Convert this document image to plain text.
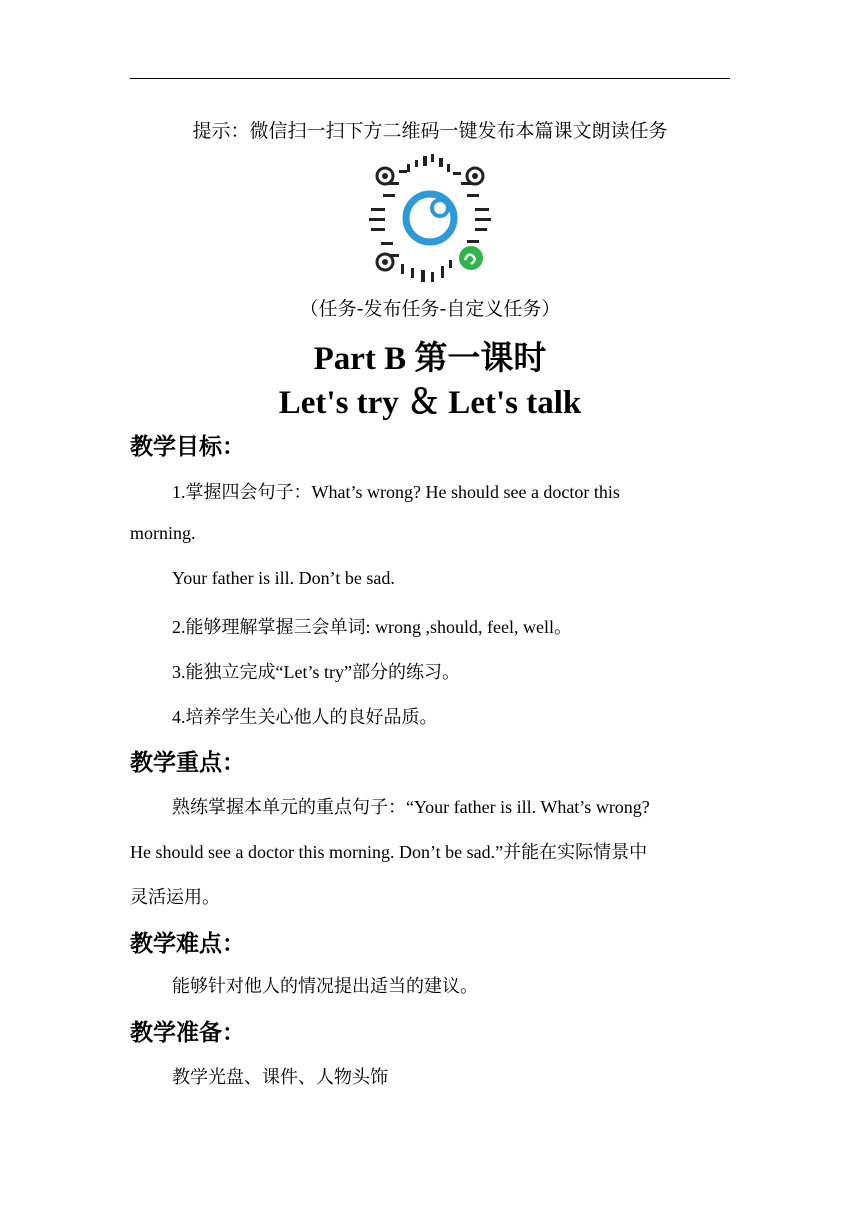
提示：微信扫一扫下方二维码一键发布本篇课文朗读任务
（任务-发布任务-自定义任务）
Part B 第一课时
Let's try ＆ Let's talk
教学目标：
1.掌握四会句子：What’s wrong? He should see a doctor this
morning.
Your father is ill. Don’t be sad.
2.能够理解掌握三会单词: wrong ,should, feel, well。
3.能独立完成“Let’s try”部分的练习。
4.培养学生关心他人的良好品质。
教学重点：
熟练掌握本单元的重点句子：“Your father is ill. What’s wrong?
He should see a doctor this morning. Don’t be sad.”并能在实际情景中
灵活运用。
教学难点：
能够针对他人的情况提出适当的建议。
教学准备：
教学光盘、课件、人物头饰
